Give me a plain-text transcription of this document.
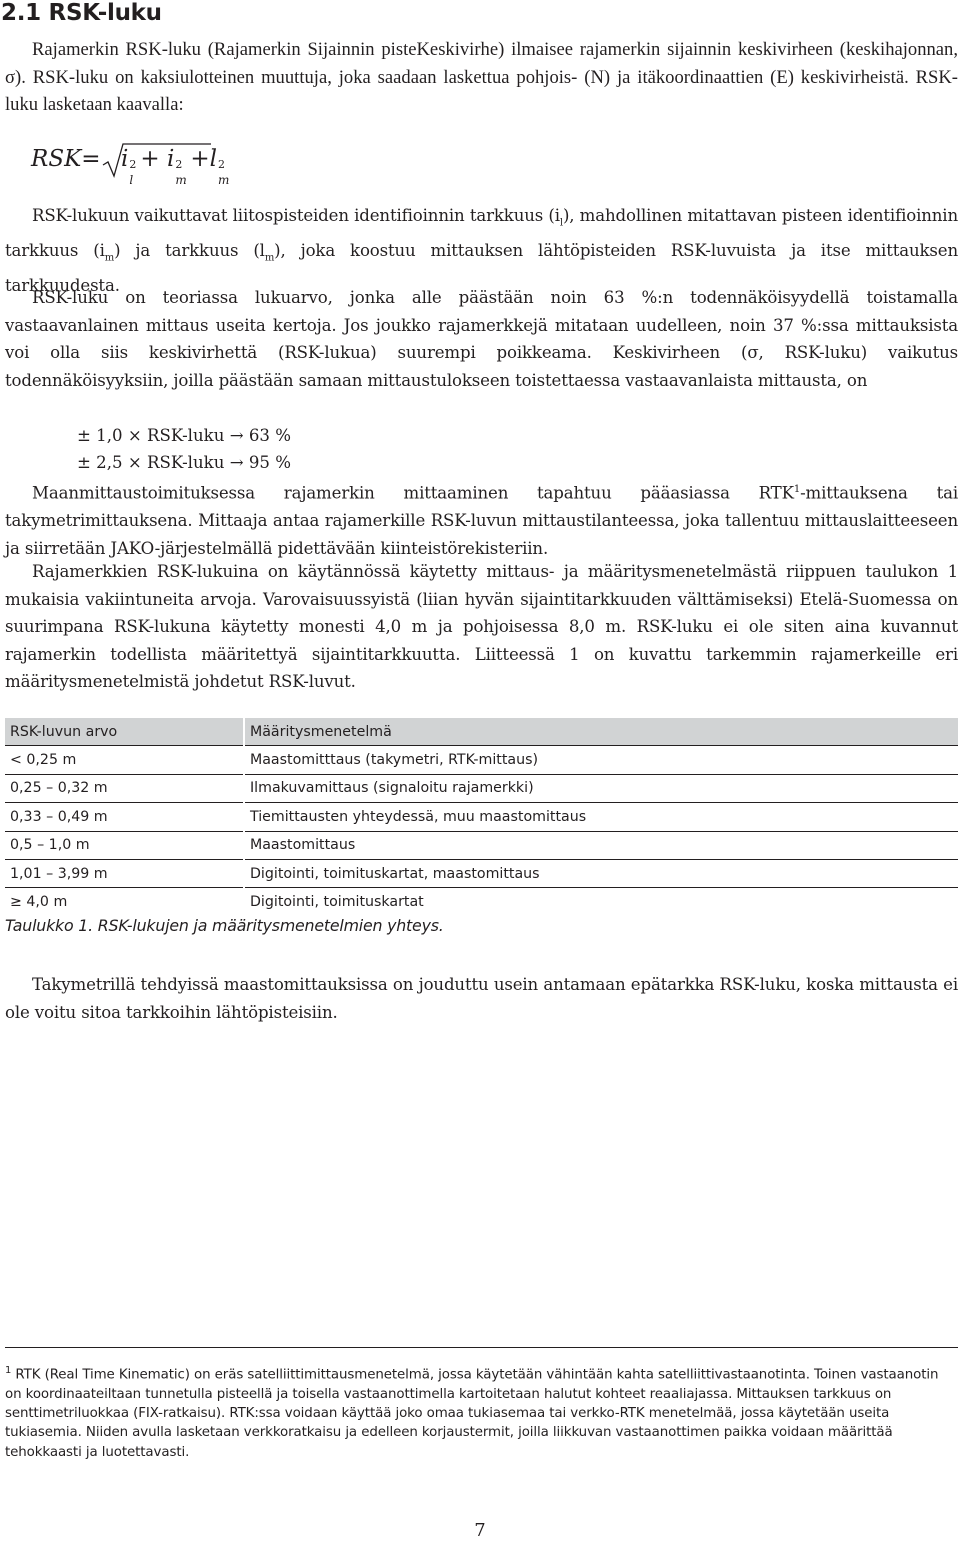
2.1 RSK-luku

Rajamerkin RSK-luku (Rajamerkin Sijainnin pisteKeskivirhe) ilmaisee rajamerkin sijainnin keskivirheen (keskihajonnan, σ). RSK-luku on kaksiulotteinen muuttuja, joka saadaan laskettua pohjois- (N) ja itäkoordinaattien (E) keskivirheistä. RSK-luku lasketaan kaavalla:

RSK= i 2
l
+ i 2
m
+l 2
m

RSK-lukuun vaikuttavat liitospisteiden identifioinnin tarkkuus $(i_l)$, mahdollinen mitattavan pisteen identifioinnin tarkkuus $(i_m)$ ja tarkkuus $(l_m)$, joka koostuu mittauksen lähtöpisteiden RSK-luvuista ja itse mittauksen tarkkuudesta.

RSK-luku on teoriassa lukuarvo, jonka alle päästään noin 63 %:n todennäköisyydellä toistamalla vastaavanlainen mittaus useita kertoja. Jos joukko rajamerkkejä mitataan uudelleen, noin 37 %:ssa mittauksista voi olla siis keskivirhettä (RSK-lukua) suurempi poikkeama. Keskivirheen (σ, RSK-luku) vaikutus todennäköisyyksiin, joilla päästään samaan mittaustulokseen toistettaessa vastaavanlaista mittausta, on

± 1,0 × RSK-luku → 63 %
± 2,5 × RSK-luku → 95 %

Maanmittaustoimituksessa rajamerkin mittaaminen tapahtuu pääasiassa RTK$^1$-mittauksena tai takymetrimittauksena. Mittaaja antaa rajamerkille RSK-luvun mittaustilanteessa, joka tallentuu mittauslaitteeseen ja siirretään JAKO-järjestelmällä pidettävään kiinteistörekisteriin.

Rajamerkkien RSK-lukuina on käytännössä käytetty mittaus- ja määritysmenetelmästä riippuen taulukon 1 mukaisia vakiintuneita arvoja. Varovaisuussyistä (liian hyvän sijaintitarkkuuden välttämiseksi) Etelä-Suomessa on suurimpana RSK-lukuna käytetty monesti 4,0 m ja pohjoisessa 8,0 m. RSK-luku ei ole siten aina kuvannut rajamerkin todellista määritettyä sijaintitarkkuutta. Liitteessä 1 on kuvattu tarkemmin rajamerkeille eri määritysmenetelmistä johdetut RSK-luvut.

RSK-luvun arvo	Määritysmenetelmä
< 0,25 m	Maastomitttaus (takymetri, RTK-mittaus)
0,25 – 0,32 m	Ilmakuvamittaus (signaloitu rajamerkki)
0,33 – 0,49 m	Tiemittausten yhteydessä, muu maastomittaus
0,5 – 1,0 m	Maastomittaus
1,01 – 3,99 m	Digitointi, toimituskartat, maastomittaus
≥ 4,0 m	Digitointi, toimituskartat
Taulukko 1. RSK-lukujen ja määritysmenetelmien yhteys.

Takymetrillä tehdyissä maastomittauksissa on jouduttu usein antamaan epätarkka RSK-luku, koska mittausta ei ole voitu sitoa tarkkoihin lähtöpisteisiin.

$^1$ RTK (Real Time Kinematic) on eräs satelliittimittausmenetelmä, jossa käytetään vähintään kahta satelliittivastaanotinta. Toinen vastaanotin on koordinaateiltaan tunnetulla pisteellä ja toisella vastaanottimella kartoitetaan halutut kohteet reaaliajassa. Mittauksen tarkkuus on senttimetriluokkaa (FIX-ratkaisu). RTK:ssa voidaan käyttää joko omaa tukiasemaa tai verkko-RTK menetelmää, jossa käytetään useita tukiasemia. Niiden avulla lasketaan verkkoratkaisu ja edelleen korjaustermit, joilla liikkuvan vastaanottimen paikka voidaan määrittää tehokkaasti ja luotettavasti.

7
